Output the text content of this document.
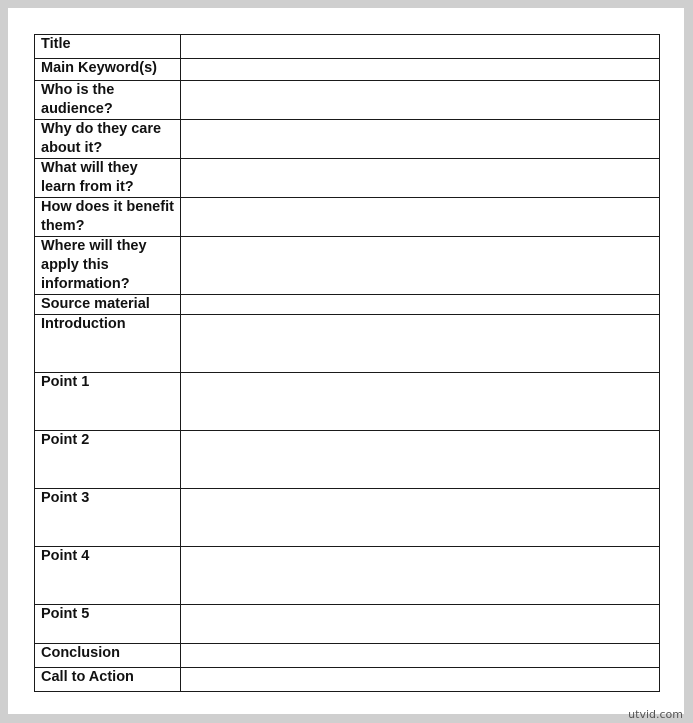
Title	
Main Keyword(s)	
Who is the audience?	
Why do they care about it?	
What will they learn from it?	
How does it benefit them?	
Where will they apply this information?	
Source material	
Introduction	
Point 1	
Point 2	
Point 3	
Point 4	
Point 5	
Conclusion	
Call to Action	
utvid.com
